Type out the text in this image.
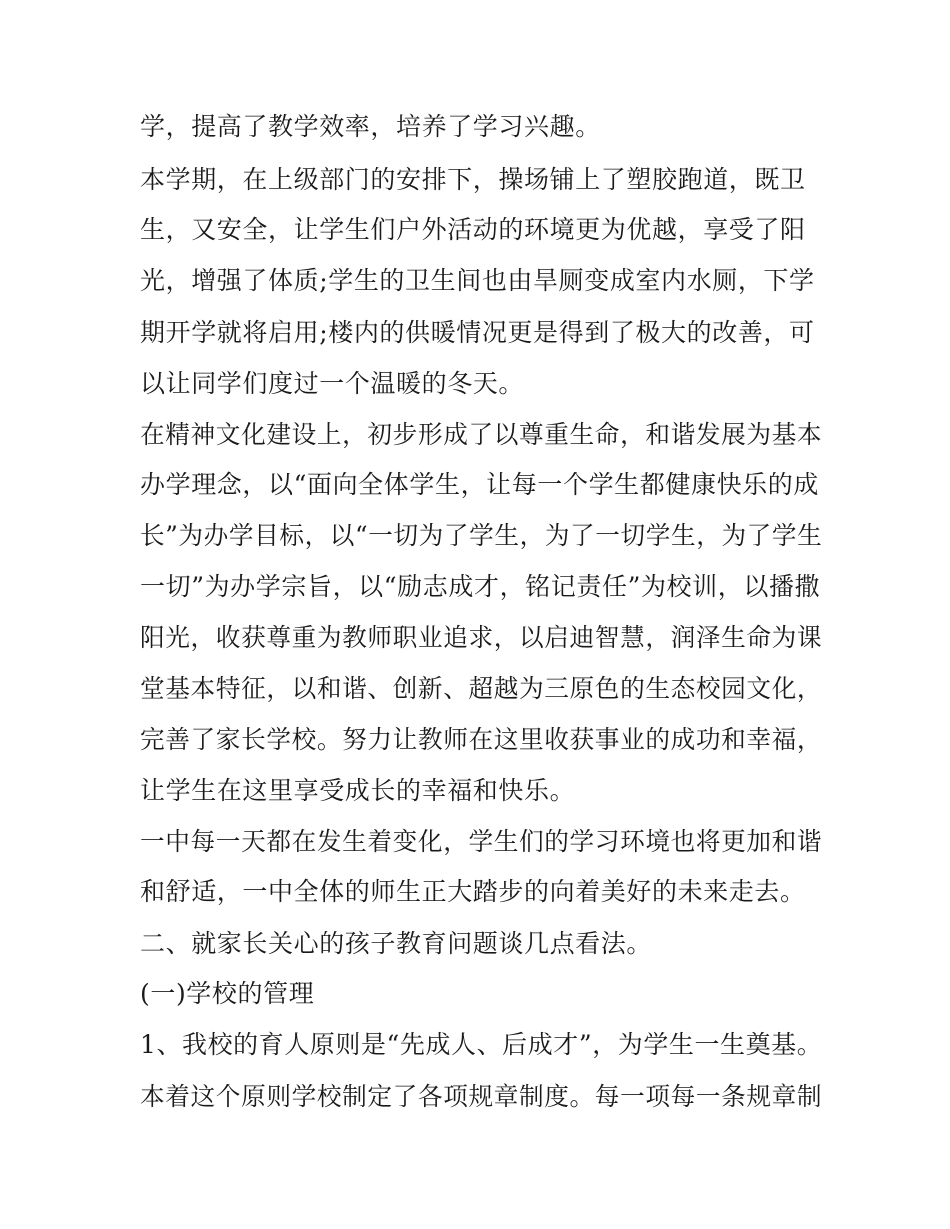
学，提高了教学效率，培养了学习兴趣。
本学期，在上级部门的安排下，操场铺上了塑胶跑道，既卫
生，又安全，让学生们户外活动的环境更为优越，享受了阳
光，增强了体质;学生的卫生间也由旱厕变成室内水厕，下学
期开学就将启用;楼内的供暖情况更是得到了极大的改善，可
以让同学们度过一个温暖的冬天。
在精神文化建设上，初步形成了以尊重生命，和谐发展为基本
办学理念，以“面向全体学生，让每一个学生都健康快乐的成
长”为办学目标，以“一切为了学生，为了一切学生，为了学生
一切”为办学宗旨，以“励志成才，铭记责任”为校训，以播撒
阳光，收获尊重为教师职业追求，以启迪智慧，润泽生命为课
堂基本特征，以和谐、创新、超越为三原色的生态校园文化，
完善了家长学校。努力让教师在这里收获事业的成功和幸福，
让学生在这里享受成长的幸福和快乐。
一中每一天都在发生着变化，学生们的学习环境也将更加和谐
和舒适，一中全体的师生正大踏步的向着美好的未来走去。
二、就家长关心的孩子教育问题谈几点看法。
(一)学校的管理
1、我校的育人原则是“先成人、后成才”，为学生一生奠基。
本着这个原则学校制定了各项规章制度。每一项每一条规章制
